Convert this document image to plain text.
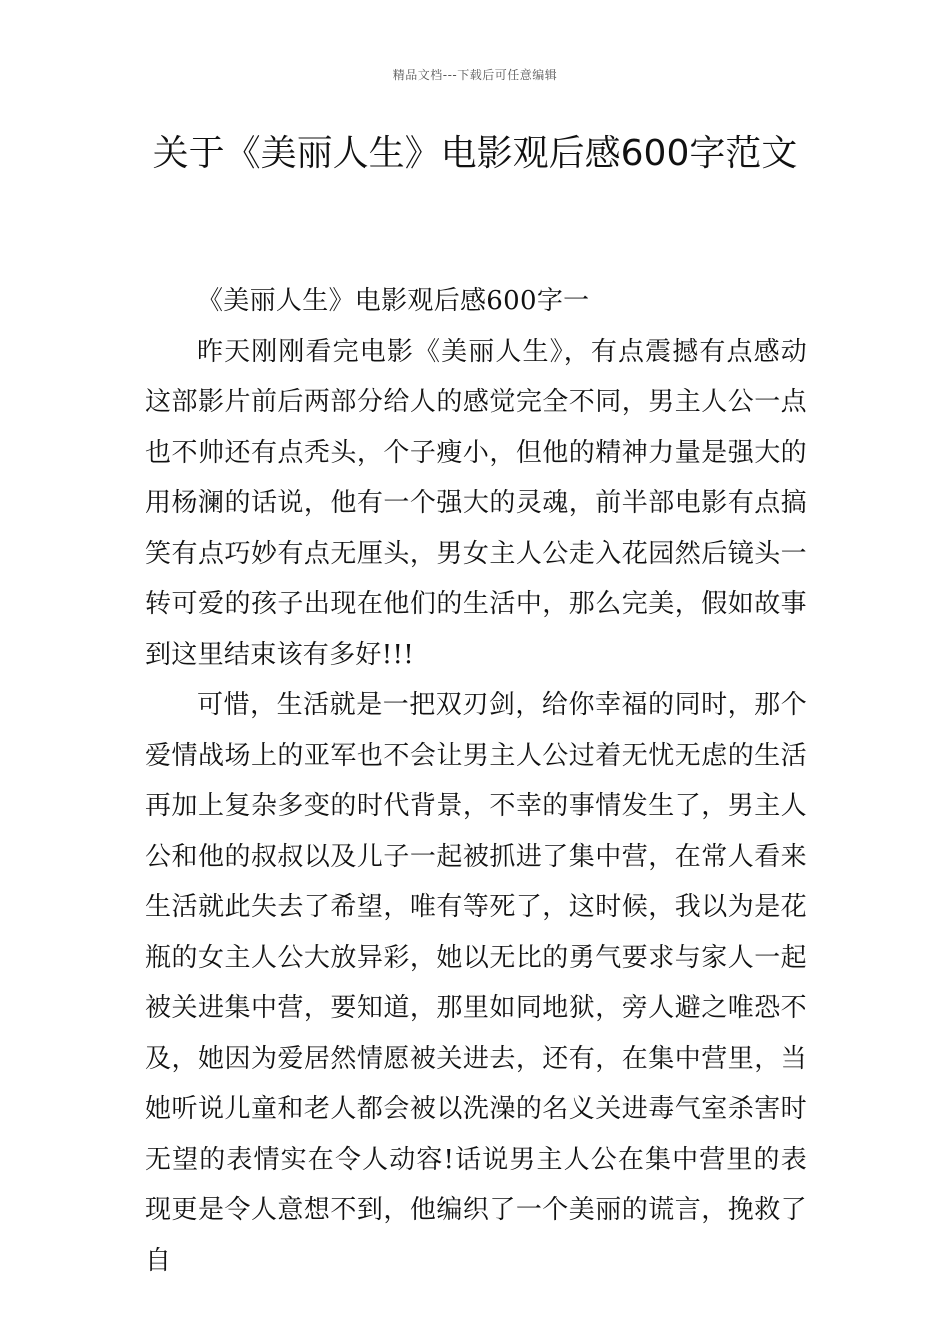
精品文档---下载后可任意编辑
关于《美丽人生》电影观后感600字范文

《美丽人生》电影观后感600字一

昨天刚刚看完电影《美丽人生》，有点震撼有点感动这部影片前后两部分给人的感觉完全不同，男主人公一点也不帅还有点秃头，个子瘦小，但他的精神力量是强大的用杨澜的话说，他有一个强大的灵魂，前半部电影有点搞笑有点巧妙有点无厘头，男女主人公走入花园然后镜头一转可爱的孩子出现在他们的生活中，那么完美，假如故事到这里结束该有多好!!!

可惜，生活就是一把双刃剑，给你幸福的同时，那个爱情战场上的亚军也不会让男主人公过着无忧无虑的生活再加上复杂多变的时代背景，不幸的事情发生了，男主人公和他的叔叔以及儿子一起被抓进了集中营，在常人看来生活就此失去了希望，唯有等死了，这时候，我以为是花瓶的女主人公大放异彩，她以无比的勇气要求与家人一起被关进集中营，要知道，那里如同地狱，旁人避之唯恐不及，她因为爱居然情愿被关进去，还有，在集中营里，当她听说儿童和老人都会被以洗澡的名义关进毒气室杀害时无望的表情实在令人动容!话说男主人公在集中营里的表现更是令人意想不到，他编织了一个美丽的谎言，挽救了自
